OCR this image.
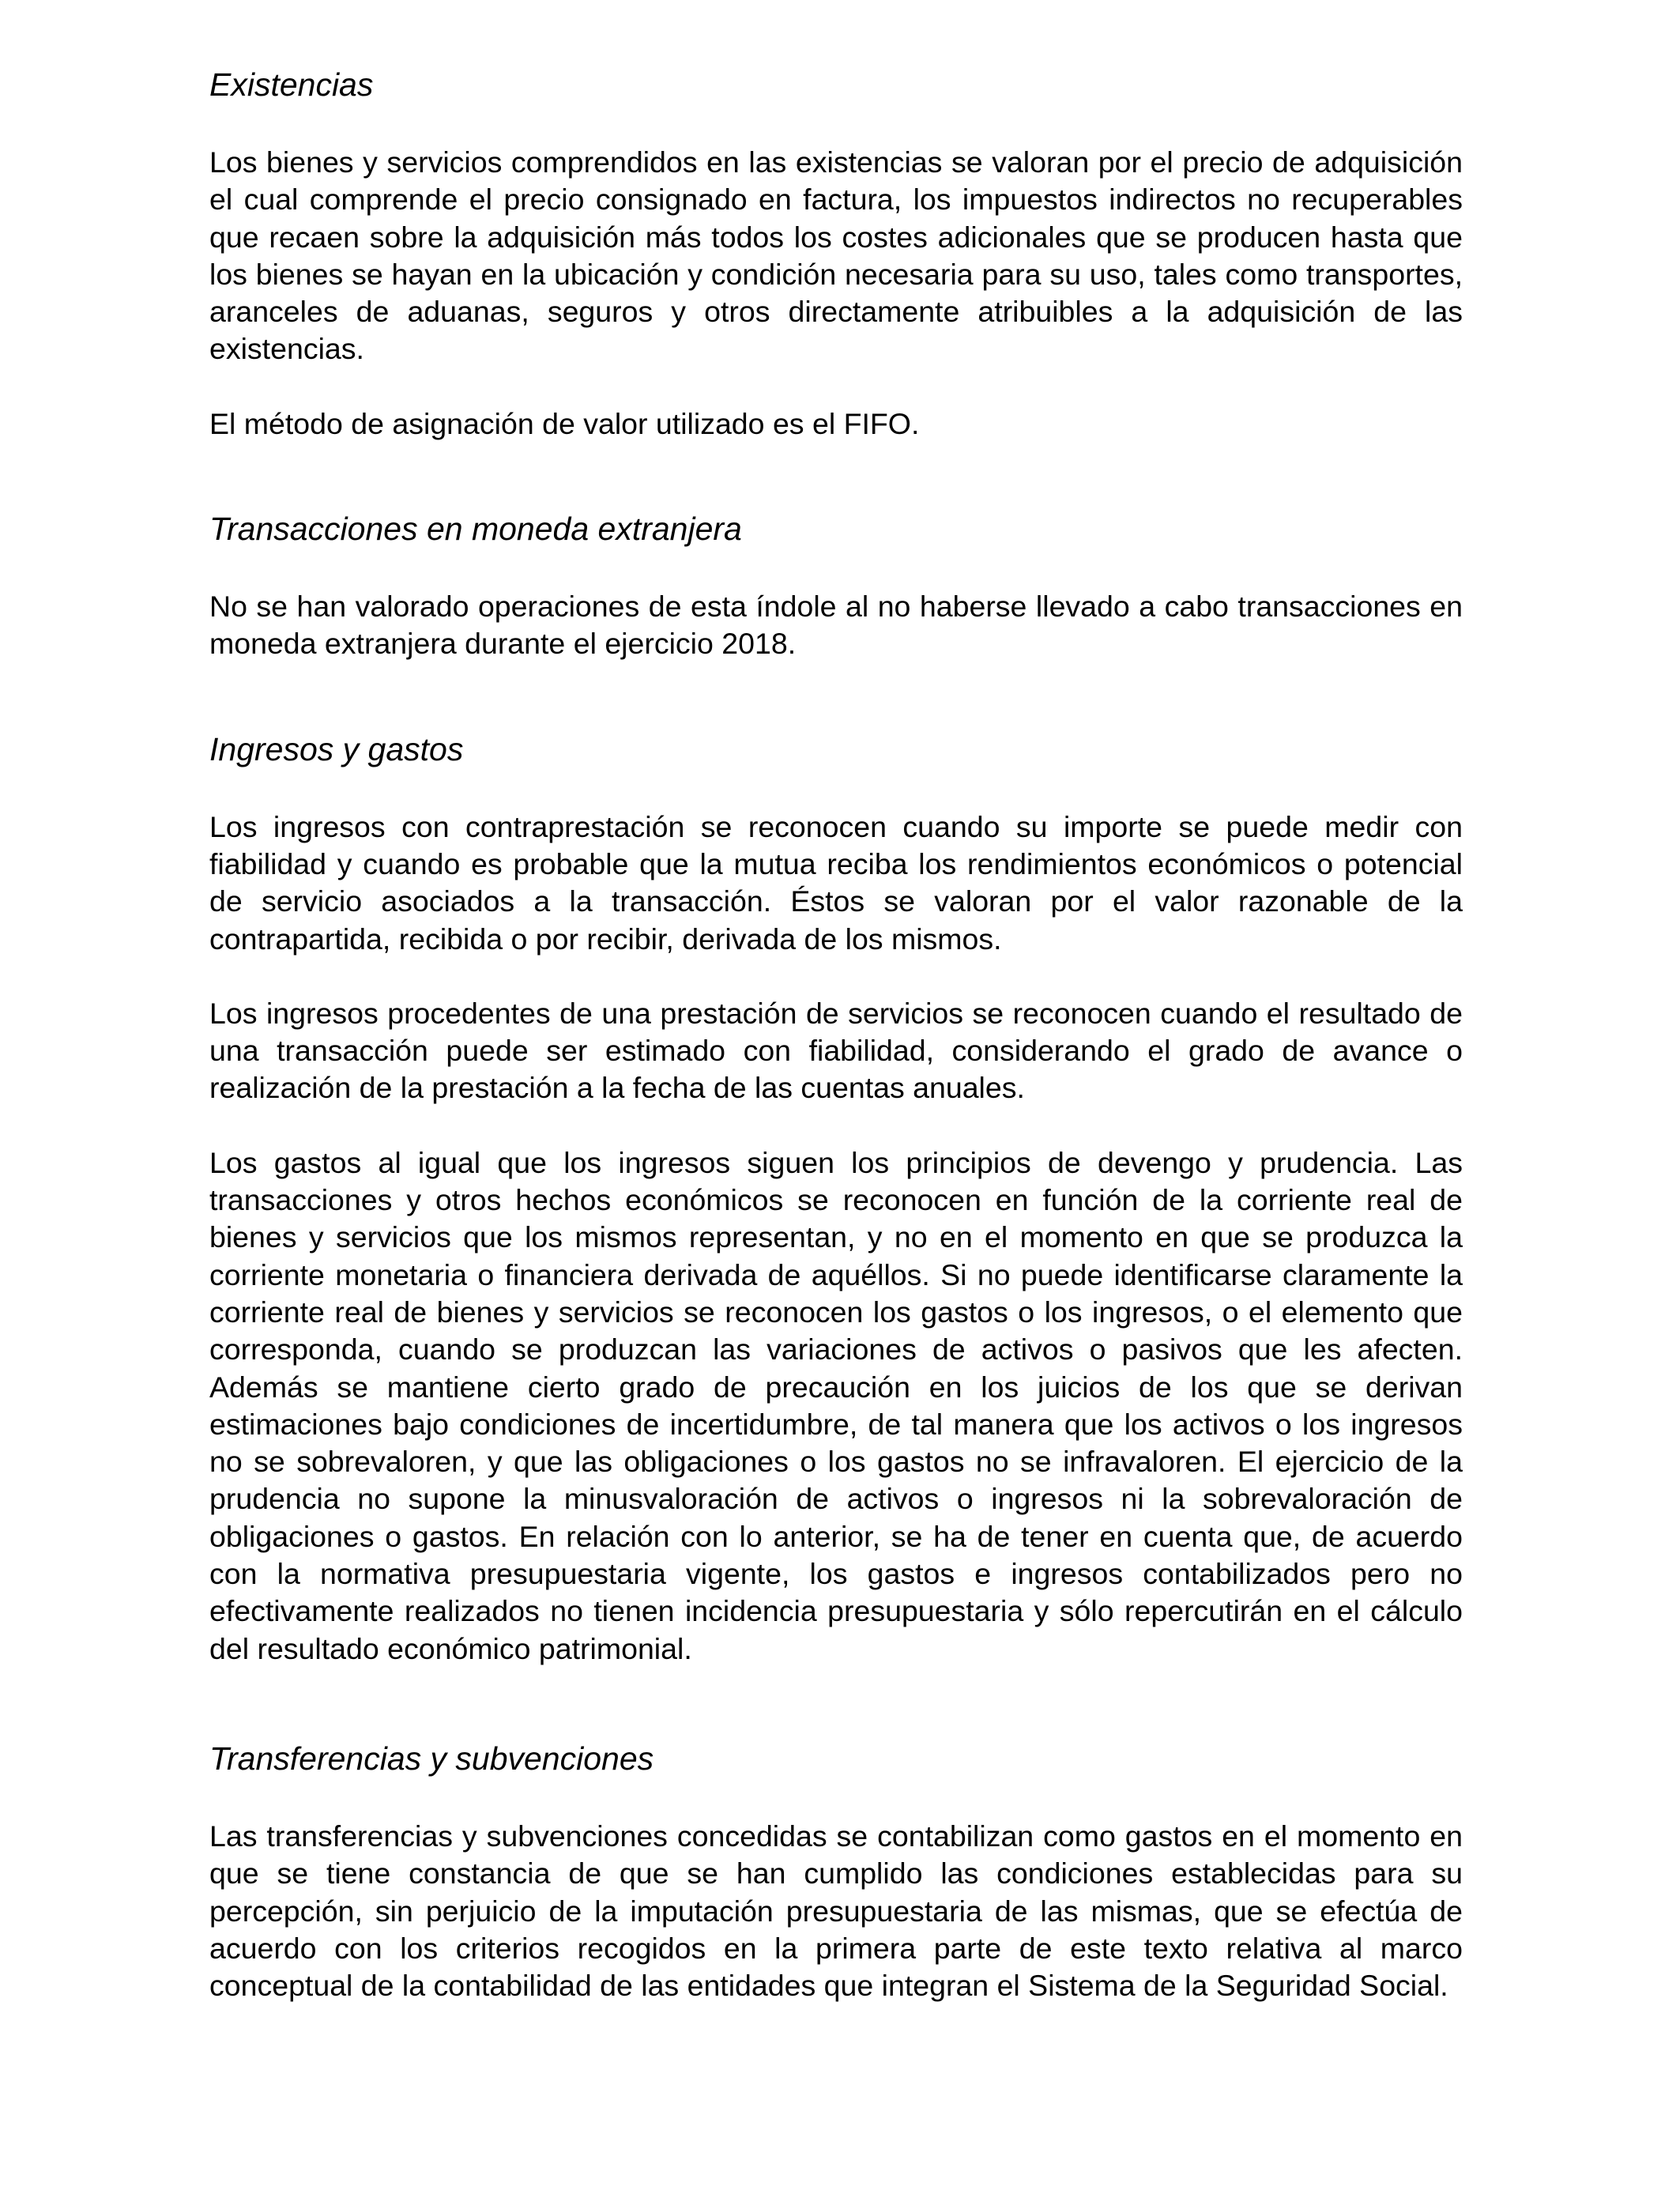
Existencias

Los bienes y servicios comprendidos en las existencias se valoran por el precio de adquisición el cual comprende el precio consignado en factura, los impuestos indirectos no recuperables que recaen sobre la adquisición más todos los costes adicionales que se producen hasta que los bienes se hayan en la ubicación y condición necesaria para su uso, tales como transportes, aranceles de aduanas, seguros y otros directamente atribuibles a la adquisición de las existencias.

El método de asignación de valor utilizado es el FIFO.

Transacciones en moneda extranjera

No se han valorado operaciones de esta índole al no haberse llevado a cabo transacciones en moneda extranjera durante el ejercicio 2018.

Ingresos y gastos

Los ingresos con contraprestación se reconocen cuando su importe se puede medir con fiabilidad y cuando es probable que la mutua reciba los rendimientos económicos o potencial de servicio asociados a la transacción. Éstos se valoran por el valor razonable de la contrapartida, recibida o por recibir, derivada de los mismos.

Los ingresos procedentes de una prestación de servicios se reconocen cuando el resultado de una transacción puede ser estimado con fiabilidad, considerando el grado de avance o realización de la prestación a la fecha de las cuentas anuales.

Los gastos al igual que los ingresos siguen los principios de devengo y prudencia. Las transacciones y otros hechos económicos se reconocen en función de la corriente real de bienes y servicios que los mismos representan, y no en el momento en que se produzca la corriente monetaria o financiera derivada de aquéllos. Si no puede identificarse claramente la corriente real de bienes y servicios se reconocen los gastos o los ingresos, o el elemento que corresponda, cuando se produzcan las variaciones de activos o pasivos que les afecten. Además se mantiene cierto grado de precaución en los juicios de los que se derivan estimaciones bajo condiciones de incertidumbre, de tal manera que los activos o los ingresos no se sobrevaloren, y que las obligaciones o los gastos no se infravaloren. El ejercicio de la prudencia no supone la minusvaloración de activos o ingresos ni la sobrevaloración de obligaciones o gastos. En relación con lo anterior, se ha de tener en cuenta que, de acuerdo con la normativa presupuestaria vigente, los gastos e ingresos contabilizados pero no efectivamente realizados no tienen incidencia presupuestaria y sólo repercutirán en el cálculo del resultado económico patrimonial.

Transferencias y subvenciones

Las transferencias y subvenciones concedidas se contabilizan como gastos en el momento en que se tiene constancia de que se han cumplido las condiciones establecidas para su percepción, sin perjuicio de la imputación presupuestaria de las mismas, que se efectúa de acuerdo con los criterios recogidos en la primera parte de este texto relativa al marco conceptual de la contabilidad de las entidades que integran el Sistema de la Seguridad Social.
